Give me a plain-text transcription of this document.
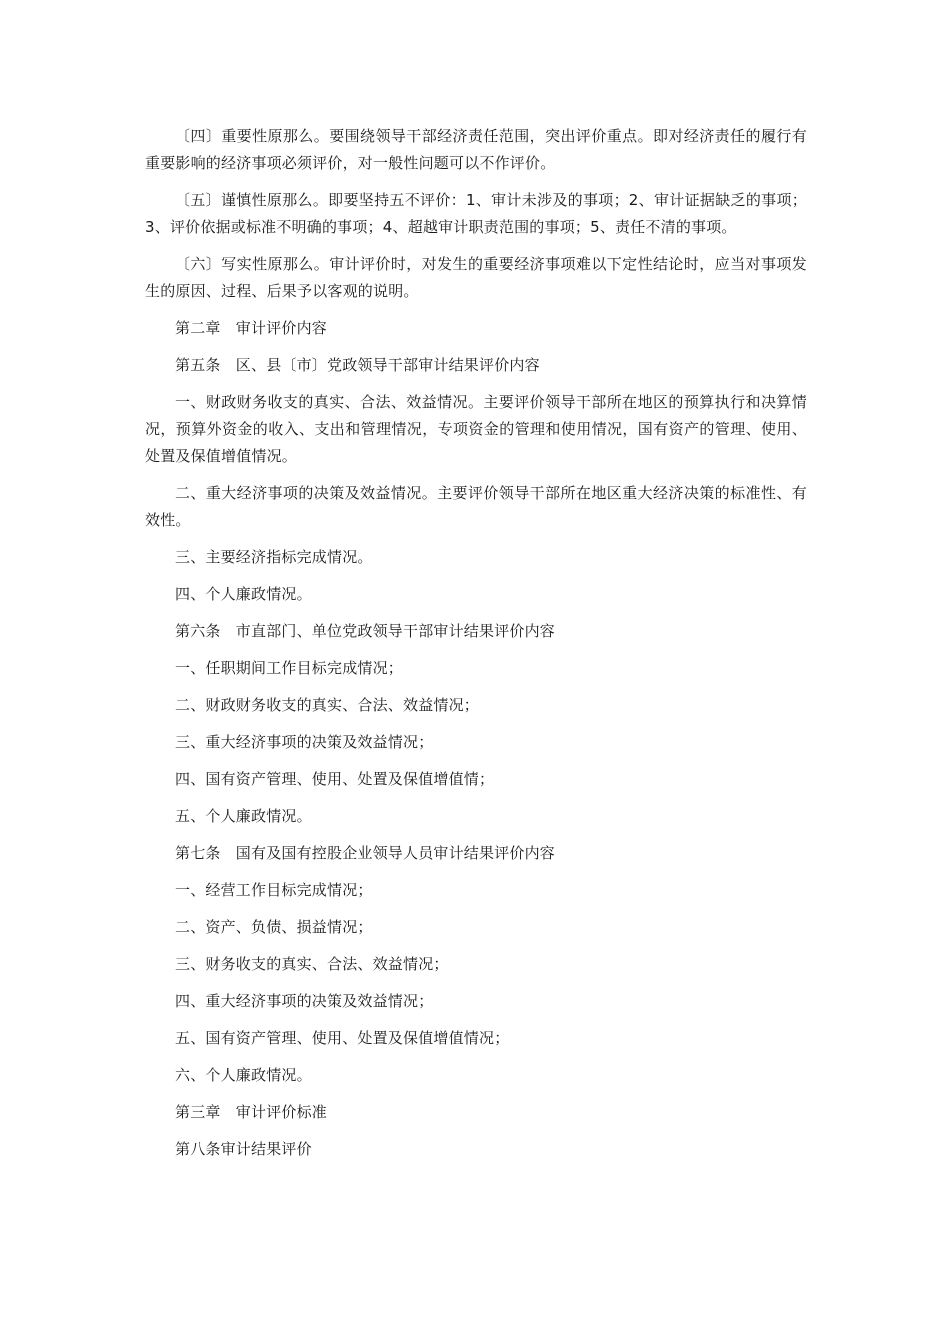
〔四〕重要性原那么。要围绕领导干部经济责任范围，突出评价重点。即对经济责任的履行有重要影响的经济事项必须评价，对一般性问题可以不作评价。

〔五〕谨慎性原那么。即要坚持五不评价：1、审计未涉及的事项；2、审计证据缺乏的事项；3、评价依据或标准不明确的事项；4、超越审计职责范围的事项；5、责任不清的事项。

〔六〕写实性原那么。审计评价时，对发生的重要经济事项难以下定性结论时，应当对事项发生的原因、过程、后果予以客观的说明。

第二章　审计评价内容

第五条　区、县〔市〕党政领导干部审计结果评价内容

一、财政财务收支的真实、合法、效益情况。主要评价领导干部所在地区的预算执行和决算情况，预算外资金的收入、支出和管理情况，专项资金的管理和使用情况，国有资产的管理、使用、处置及保值增值情况。

二、重大经济事项的决策及效益情况。主要评价领导干部所在地区重大经济决策的标准性、有效性。

三、主要经济指标完成情况。

四、个人廉政情况。

第六条　市直部门、单位党政领导干部审计结果评价内容

一、任职期间工作目标完成情况；

二、财政财务收支的真实、合法、效益情况；

三、重大经济事项的决策及效益情况；

四、国有资产管理、使用、处置及保值增值情；

五、个人廉政情况。

第七条　国有及国有控股企业领导人员审计结果评价内容

一、经营工作目标完成情况；

二、资产、负债、损益情况；

三、财务收支的真实、合法、效益情况；

四、重大经济事项的决策及效益情况；

五、国有资产管理、使用、处置及保值增值情况；

六、个人廉政情况。

第三章　审计评价标准

第八条审计结果评价
